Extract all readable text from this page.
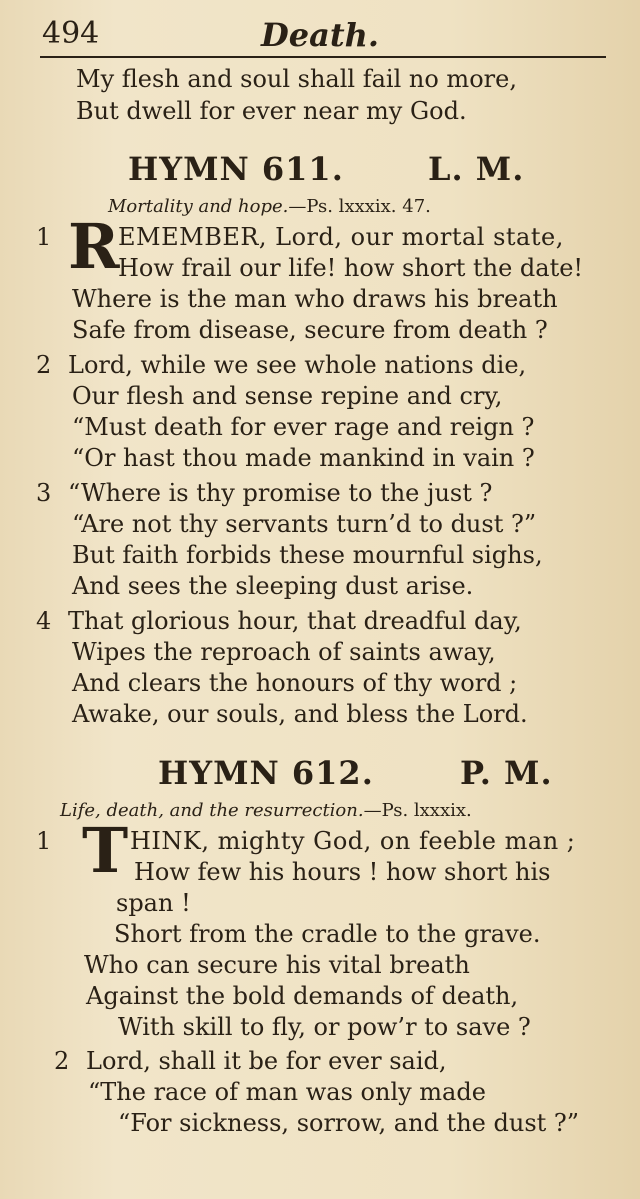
494	Death.
My flesh and soul shall fail no more,
But dwell for ever near my God.
HYMN 611.	L. M.
Mortality and hope.—Ps. lxxxix. 47.
1 R
EMEMBER, Lord, our mortal state,
How frail our life! how short the date!
Where is the man who draws his breath
Safe from disease, secure from death ?
2 Lord, while we see whole nations die,
Our flesh and sense repine and cry,
“Must death for ever rage and reign ?
“Or hast thou made mankind in vain ?
3 “Where is thy promise to the just ?
“Are not thy servants turn’d to dust ?”
But faith forbids these mournful sighs,
And sees the sleeping dust arise.
4 That glorious hour, that dreadful day,
Wipes the reproach of saints away,
And clears the honours of thy word ;
Awake, our souls, and bless the Lord.
HYMN 612.	P. M.
Life, death, and the resurrection.—Ps. lxxxix.
1 T HINK, mighty God, on feeble man ;
How few his hours ! how short his
span !
Short from the cradle to the grave.
Who can secure his vital breath
Against the bold demands of death,
With skill to fly, or pow’r to save ?
2 Lord, shall it be for ever said,
“The race of man was only made
“For sickness, sorrow, and the dust ?”
